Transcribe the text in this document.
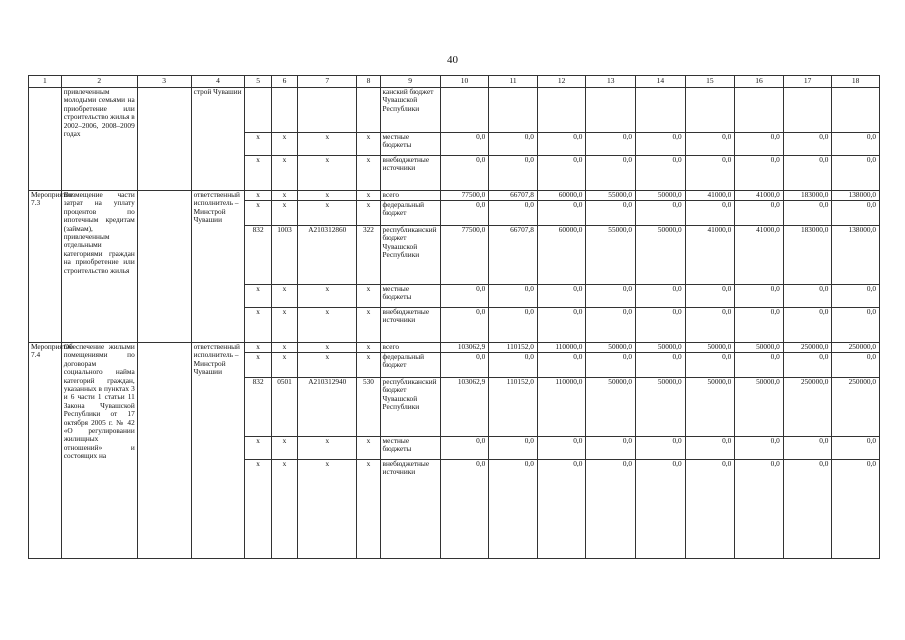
40
1	2	3	4	5	6	7	8	9	10	11	12	13	14	15	16	17	18
	привлеченным молодыми семьями на приобретение или строительство жилья в 2002–2006, 2008–2009 годах		строй Чувашии					канский бюджет Чувашской Республики									
				x	x	x	x	местные бюджеты	0,0	0,0	0,0	0,0	0,0	0,0	0,0	0,0	0,0
				x	x	x	x	внебюджетные источники	0,0	0,0	0,0	0,0	0,0	0,0	0,0	0,0	0,0
Мероприятие 7.3	Возмещение части затрат на уплату процентов по ипотечным кредитам (займам), привлеченным отдельными категориями граждан на приобретение или строительство жилья		ответственный исполнитель – Минстрой Чувашии	x	x	x	x	всего	77500,0	66707,8	60000,0	55000,0	50000,0	41000,0	41000,0	183000,0	138000,0
				x	x	x	x	федеральный бюджет	0,0	0,0	0,0	0,0	0,0	0,0	0,0	0,0	0,0
				832	1003	А210312860	322	республиканский бюджет Чувашской Республики	77500,0	66707,8	60000,0	55000,0	50000,0	41000,0	41000,0	183000,0	138000,0
				x	x	x	x	местные бюджеты	0,0	0,0	0,0	0,0	0,0	0,0	0,0	0,0	0,0
				x	x	x	x	внебюджетные источники	0,0	0,0	0,0	0,0	0,0	0,0	0,0	0,0	0,0
Мероприятие 7.4	Обеспечение жилыми помещениями по договорам социального найма категорий граждан, указанных в пунктах 3 и 6 части 1 статьи 11 Закона Чувашской Республики от 17 октября 2005 г. № 42 «О регулировании жилищных отношений» и состоящих на		ответственный исполнитель – Минстрой Чувашии	x	x	x	x	всего	103062,9	110152,0	110000,0	50000,0	50000,0	50000,0	50000,0	250000,0	250000,0
				x	x	x	x	федеральный бюджет	0,0	0,0	0,0	0,0	0,0	0,0	0,0	0,0	0,0
				832	0501	А210312940	530	республиканский бюджет Чувашской Республики	103062,9	110152,0	110000,0	50000,0	50000,0	50000,0	50000,0	250000,0	250000,0
				x	x	x	x	местные бюджеты	0,0	0,0	0,0	0,0	0,0	0,0	0,0	0,0	0,0
				x	x	x	x	внебюджетные источники	0,0	0,0	0,0	0,0	0,0	0,0	0,0	0,0	0,0
